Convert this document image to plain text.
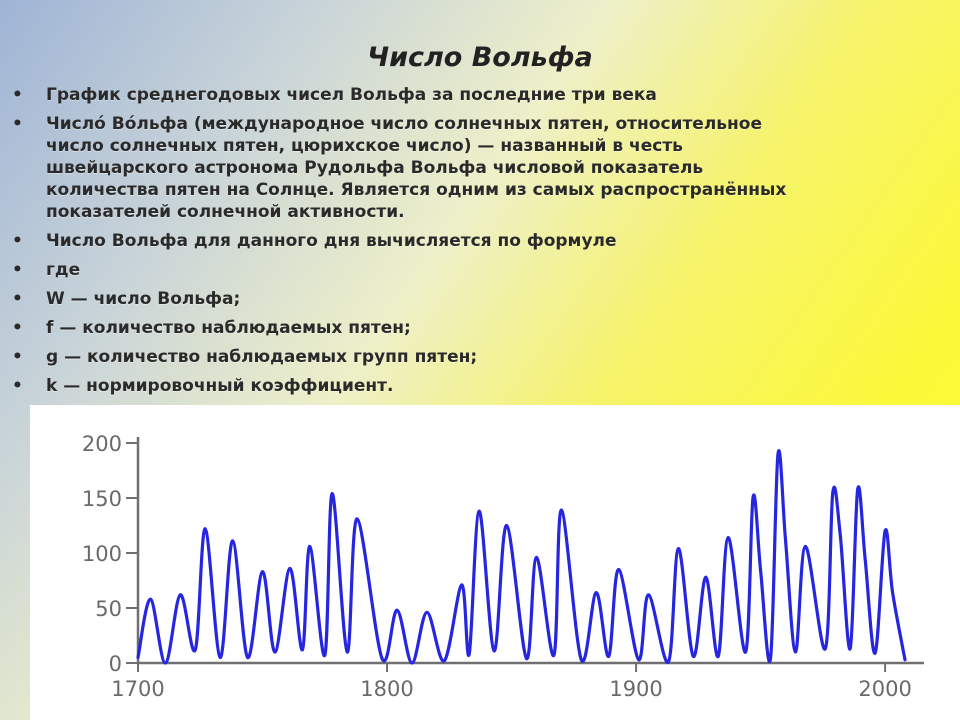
Число Вольфа
• График среднегодовых чисел Вольфа за последние три века
• Числó Вóльфа (международное число солнечных пятен, относительное число солнечных пятен, цюрихское число) — названный в честь швейцарского астронома Рудольфа Вольфа числовой показатель количества пятен на Солнце. Является одним из самых распространённых показателей солнечной активности.
• Число Вольфа для данного дня вычисляется по формуле
• где
• W — число Вольфа;
• f — количество наблюдаемых пятен;
• g — количество наблюдаемых групп пятен;
• k — нормировочный коэффициент.
0
50
100
150
200
1700	1800	1900	2000
